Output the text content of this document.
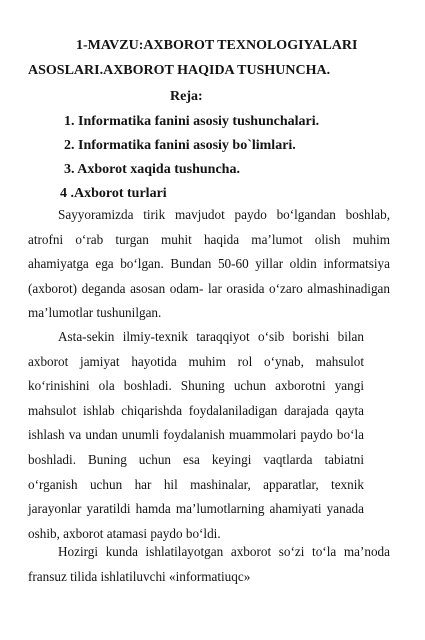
1-MAVZU:AXBOROT TEXNOLOGIYALARI
ASOSLARI.AXBOROT HAQIDA TUSHUNCHA.
Reja:
1. Informatika fanini asosiy tushunchalari.
2. Informatika fanini asosiy bo`limlari.
3. Axborot xaqida tushuncha.
4 .Axborot turlari

Sayyoramizda tirik mavjudot paydo boʻlgandan boshlab, atrofni oʻrab turgan muhit haqida maʼlumot olish muhim ahamiyatga ega boʻlgan. Bundan 50-60 yillar oldin informatsiya (axborot) deganda asosan odam- lar orasida oʻzaro almashinadigan maʼlumotlar tushunilgan.

Asta-sekin ilmiy-texnik taraqqiyot oʻsib borishi bilan axborot jamiyat hayotida muhim rol oʻynab, mahsulot koʻrinishini ola boshladi. Shuning uchun axborotni yangi mahsulot ishlab chiqarishda foydalaniladigan darajada qayta ishlash va undan unumli foydalanish muammolari paydo boʻla boshladi. Buning uchun esa keyingi vaqtlarda tabiatni oʻrganish uchun har hil mashinalar, apparatlar, texnik jarayonlar yaratildi hamda maʼlumotlarning ahamiyati yanada oshib, axborot atamasi paydo boʻldi.

Hozirgi kunda ishlatilayotgan axborot soʻzi toʻla maʼnoda fransuz tilida ishlatiluvchi «informatiuqc»
